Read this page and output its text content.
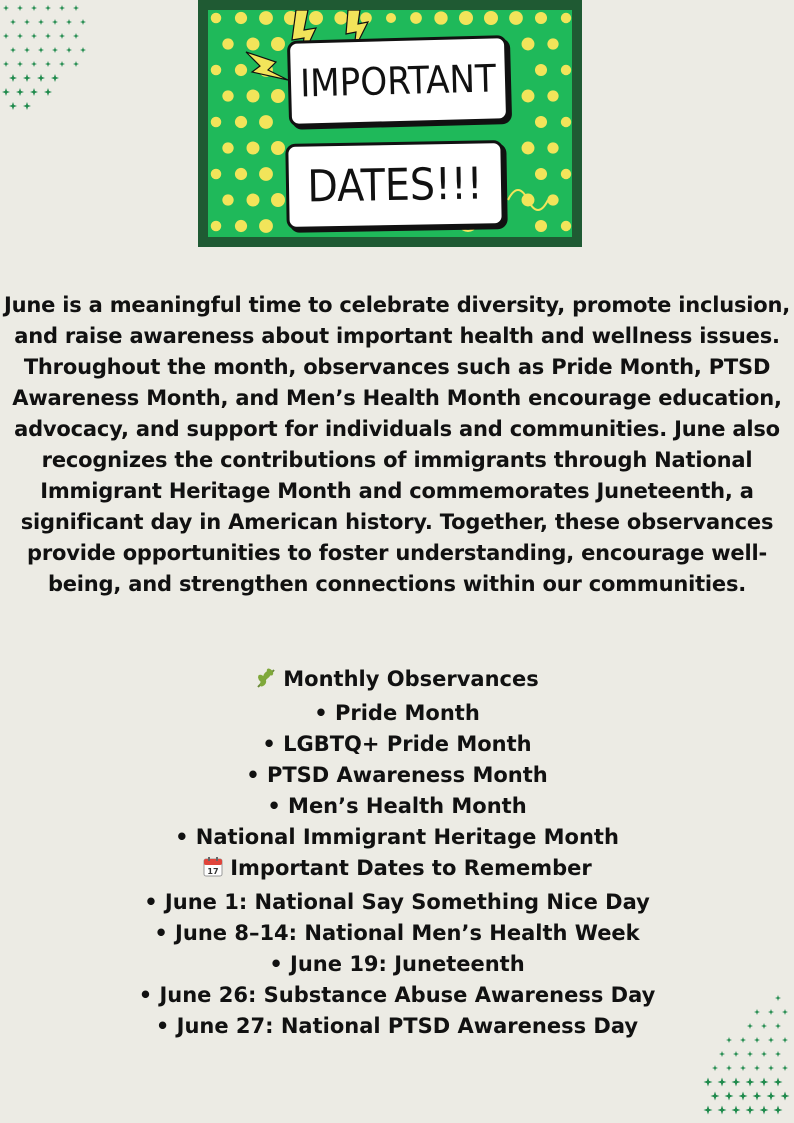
IMPORTANT
DATES!!!
June is a meaningful time to celebrate diversity, promote inclusion, and raise awareness about important health and wellness issues. Throughout the month, observances such as Pride Month, PTSD Awareness Month, and Men’s Health Month encourage education, advocacy, and support for individuals and communities. June also recognizes the contributions of immigrants through National Immigrant Heritage Month and commemorates Juneteenth, a significant day in American history. Together, these observances provide opportunities to foster understanding, encourage well-being, and strengthen connections within our communities.
Monthly Observances
• Pride Month
• LGBTQ+ Pride Month
• PTSD Awareness Month
• Men’s Health Month
• National Immigrant Heritage Month
17 Important Dates to Remember
• June 1: National Say Something Nice Day
• June 8–14: National Men’s Health Week
• June 19: Juneteenth
• June 26: Substance Abuse Awareness Day
• June 27: National PTSD Awareness Day
